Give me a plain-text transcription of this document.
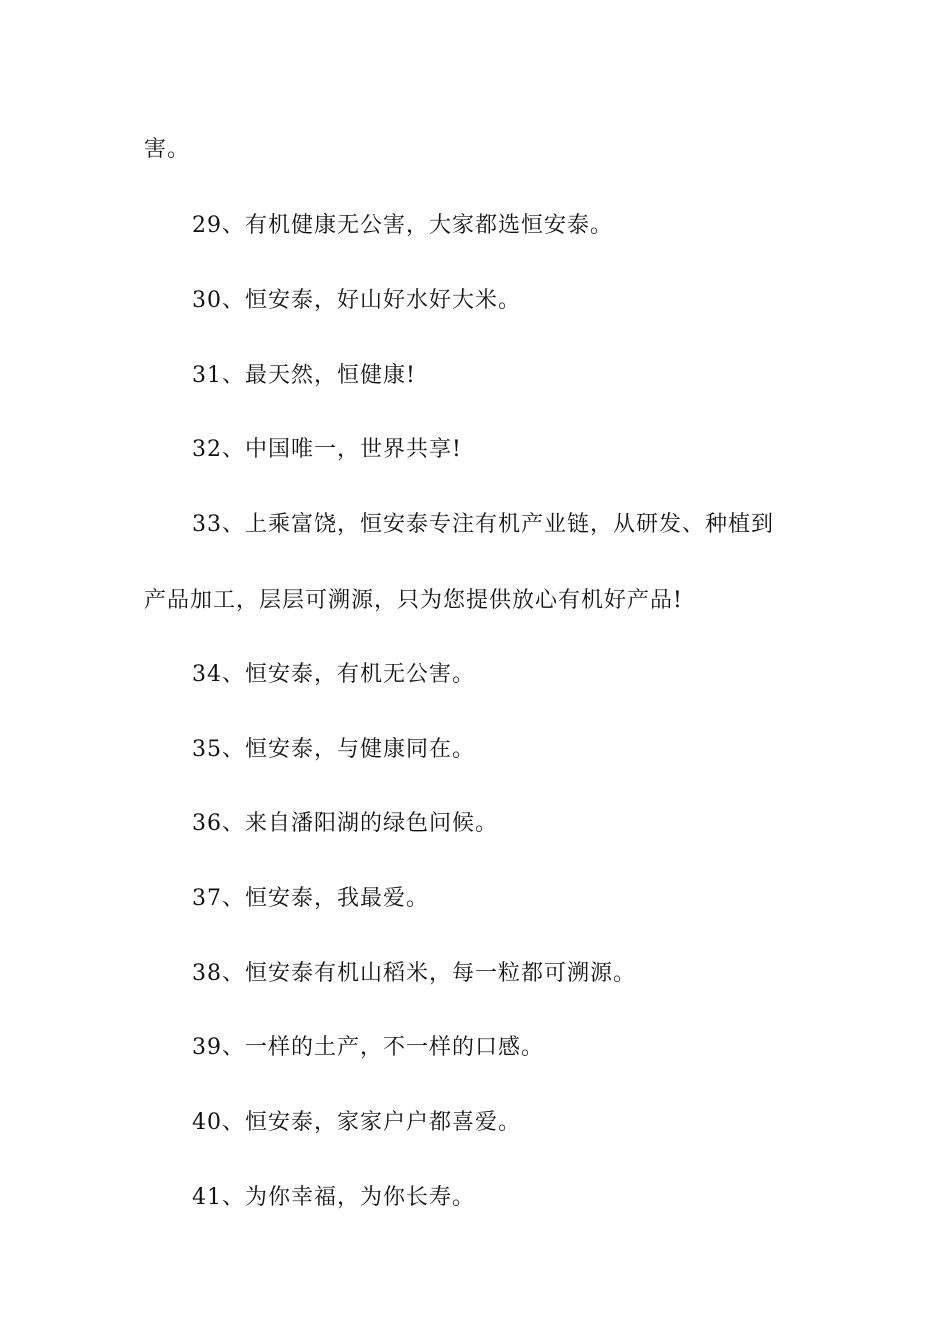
害。
29、有机健康无公害，大家都选恒安泰。
30、恒安泰，好山好水好大米。
31、最天然，恒健康!
32、中国唯一，世界共享!
33、上乘富饶，恒安泰专注有机产业链，从研发、种植到
产品加工，层层可溯源，只为您提供放心有机好产品!
34、恒安泰，有机无公害。
35、恒安泰，与健康同在。
36、来自潘阳湖的绿色问候。
37、恒安泰，我最爱。
38、恒安泰有机山稻米，每一粒都可溯源。
39、一样的土产，不一样的口感。
40、恒安泰，家家户户都喜爱。
41、为你幸福，为你长寿。
